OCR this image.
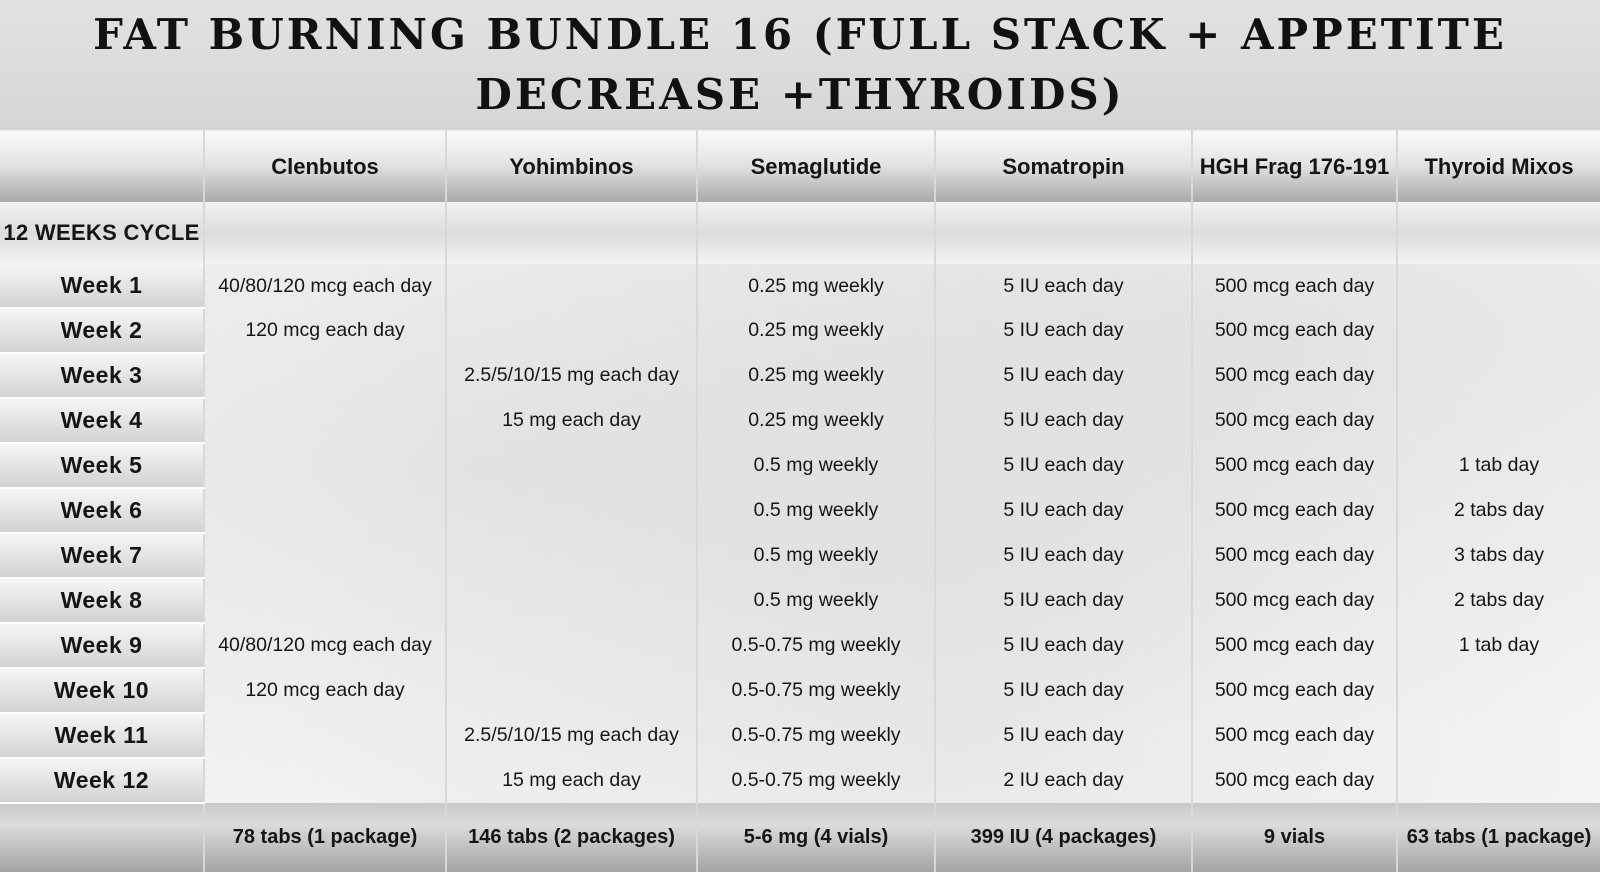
FAT BURNING BUNDLE 16 (FULL STACK + APPETITE DECREASE +THYROIDS)
	Clenbutos	Yohimbinos	Semaglutide	Somatropin	HGH Frag 176-191	Thyroid Mixos
12 WEEKS CYCLE						
Week 1	40/80/120 mcg each day		0.25 mg weekly	5 IU each day	500 mcg each day	
Week 2	120 mcg each day		0.25 mg weekly	5 IU each day	500 mcg each day	
Week 3		2.5/5/10/15 mg each day	0.25 mg weekly	5 IU each day	500 mcg each day	
Week 4		15 mg each day	0.25 mg weekly	5 IU each day	500 mcg each day	
Week 5			0.5 mg weekly	5 IU each day	500 mcg each day	1 tab day
Week 6			0.5 mg weekly	5 IU each day	500 mcg each day	2 tabs day
Week 7			0.5 mg weekly	5 IU each day	500 mcg each day	3 tabs day
Week 8			0.5 mg weekly	5 IU each day	500 mcg each day	2 tabs day
Week 9	40/80/120 mcg each day		0.5-0.75 mg weekly	5 IU each day	500 mcg each day	1 tab day
Week 10	120 mcg each day		0.5-0.75 mg weekly	5 IU each day	500 mcg each day	
Week 11		2.5/5/10/15 mg each day	0.5-0.75 mg weekly	5 IU each day	500 mcg each day	
Week 12		15 mg each day	0.5-0.75 mg weekly	2 IU each day	500 mcg each day	
	78 tabs (1 package)	146 tabs (2 packages)	5-6 mg (4 vials)	399 IU (4 packages)	9 vials	63 tabs (1 package)
